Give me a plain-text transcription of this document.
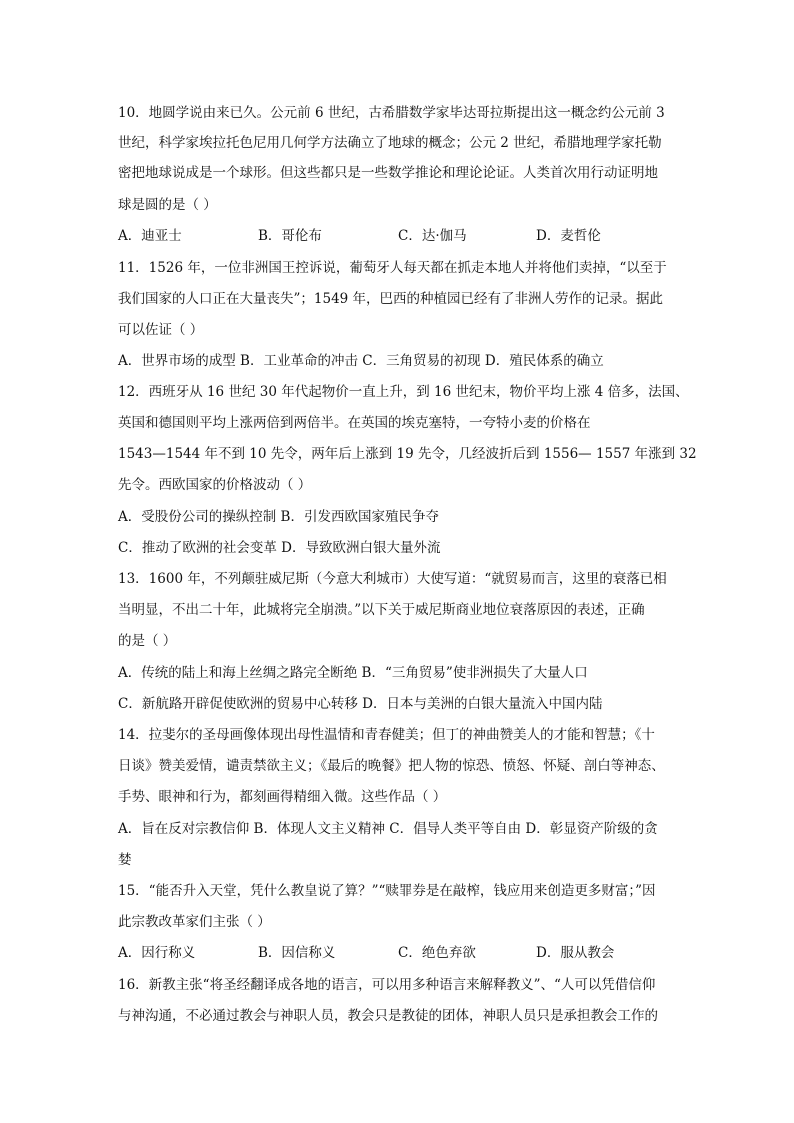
10．地圆学说由来已久。公元前 6 世纪，古希腊数学家毕达哥拉斯提出这一概念约公元前 3
世纪，科学家埃拉托色尼用几何学方法确立了地球的概念；公元 2 世纪，希腊地理学家托勒
密把地球说成是一个球形。但这些都只是一些数学推论和理论论证。人类首次用行动证明地
球是圆的是（ ）
A．迪亚士	B．哥伦布	C．达·伽马	D．麦哲伦
11．1526 年，一位非洲国王控诉说，葡萄牙人每天都在抓走本地人并将他们卖掉，“以至于
我们国家的人口正在大量丧失”；1549 年，巴西的种植园已经有了非洲人劳作的记录。据此
可以佐证（ ）
A．世界市场的成型 B．工业革命的冲击 C．三角贸易的初现 D．殖民体系的确立
12．西班牙从 16 世纪 30 年代起物价一直上升，到 16 世纪末，物价平均上涨 4 倍多，法国、
英国和德国则平均上涨两倍到两倍半。在英国的埃克塞特，一夸特小麦的价格在
1543—1544 年不到 10 先令，两年后上涨到 19 先令，几经波折后到 1556— 1557 年涨到 32
先令。西欧国家的价格波动（ ）
A．受股份公司的操纵控制 B．引发西欧国家殖民争夺
C．推动了欧洲的社会变革 D．导致欧洲白银大量外流
13．1600 年，不列颠驻威尼斯（今意大利城市）大使写道：“就贸易而言，这里的衰落已相
当明显，不出二十年，此城将完全崩溃。”以下关于威尼斯商业地位衰落原因的表述，正确
的是（ ）
A．传统的陆上和海上丝绸之路完全断绝 B．“三角贸易”使非洲损失了大量人口
C．新航路开辟促使欧洲的贸易中心转移 D．日本与美洲的白银大量流入中国内陆
14．拉斐尔的圣母画像体现出母性温情和青春健美；但丁的神曲赞美人的才能和智慧；《十
日谈》赞美爱情，谴责禁欲主义；《最后的晚餐》把人物的惊恐、愤怒、怀疑、剖白等神态、
手势、眼神和行为，都刻画得精细入微。这些作品（ ）
A．旨在反对宗教信仰 B．体现人文主义精神 C．倡导人类平等自由 D．彰显资产阶级的贪
婪
15．“能否升入天堂，凭什么教皇说了算？”“赎罪券是在敲榨，钱应用来创造更多财富；”因
此宗教改革家们主张（ ）
A．因行称义	B．因信称义	C．绝色弃欲	D．服从教会
16．新教主张“将圣经翻译成各地的语言，可以用多种语言来解释教义”、“人可以凭借信仰
与神沟通，不必通过教会与神职人员，教会只是教徒的团体，神职人员只是承担教会工作的
